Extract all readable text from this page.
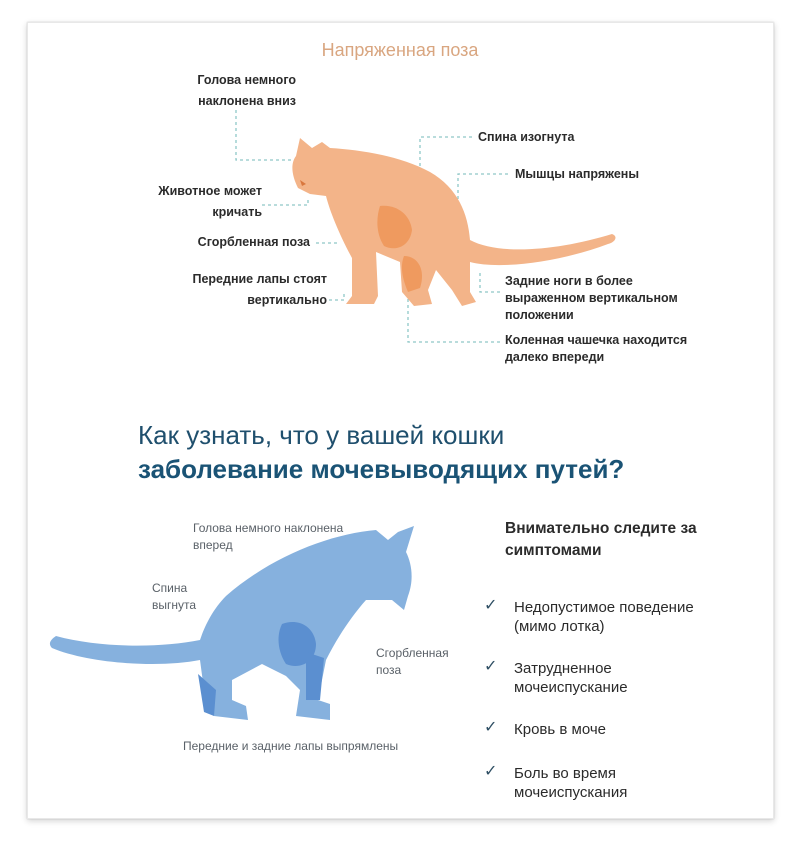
Напряженная поза
Голова немного
наклонена вниз
Животное может
кричать
Сгорбленная поза
Передние лапы стоят
вертикально
Спина изогнута
Мышцы напряжены
Задние ноги в более
выраженном вертикальном
положении
Коленная чашечка находится
далеко впереди
Как узнать, что у вашей кошки
заболевание мочевыводящих путей?
Голова немного наклонена
вперед
Спина
выгнута
Сгорбленная
поза
Передние и задние лапы выпрямлены
Внимательно следите за
симптомами
✓ Недопустимое поведение
(мимо лотка)
✓ Затрудненное
мочеиспускание
✓ Кровь в моче
✓ Боль во время
мочеиспускания
